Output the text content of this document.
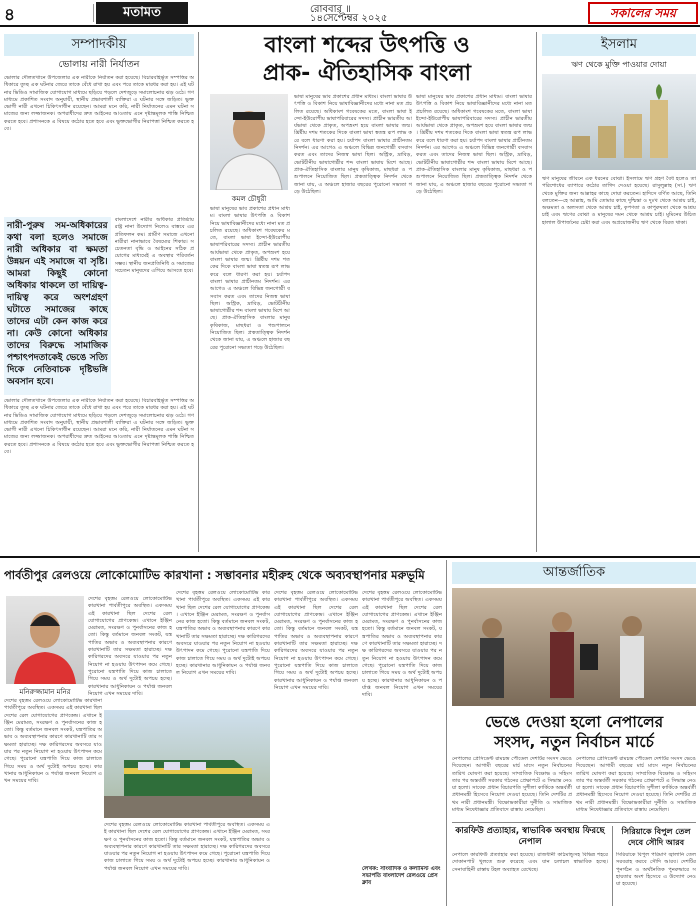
৪	মতামত	রোববার ॥
১৪সেপ্টেম্বর ২০২৫	সকালের সময়
সম্পাদকীয়
ভোলায় নারী নির্যাতন
ভোলার দৌলতখানে উপজেলার এক নারীকে নির্যাতন করা হয়েছে। বিচারবহির্ভূত সম্পত্তির অধিকারে তুচ্ছ এক ঘটনার জেরে তাকে বেঁধে রাখা হয় এবং পরে তাকে মারধর করা হয়। এই ঘটনার ভিডিও সামাজিক যোগাযোগ মাধ্যমে ছড়িয়ে পড়লে দেশজুড়ে সমালোচনার ঝড় ওঠে। গণমাধ্যমে প্রকাশিত সংবাদ অনুযায়ী, স্থানীয় প্রভাবশালী ব্যক্তিরা এ ঘটনার সঙ্গে জড়িত। ভুক্তভোগী নারী এখনো চিকিৎসাধীন রয়েছেন। আমরা মনে করি, নারী নির্যাতনের এমন ঘটনা সমাজের জন্য লজ্জাজনক। অপরাধীদের দ্রুত আইনের আওতায় এনে দৃষ্টান্তমূলক শাস্তি নিশ্চিত করতে হবে। প্রশাসনকে এ বিষয়ে কঠোর হতে হবে এবং ভুক্তভোগীর নিরাপত্তা নিশ্চিত করতে হবে।
নারী-পুরুষ সম-অধিকারের কথা বলা হলেও সমাজে নারী অধিকার বা ক্ষমতা উন্নয়ন এই সমাজে বা সৃষ্টি। আমরা কিছুই কোনো অধিকার থাকলে তা দায়িত্ব-দায়িত্ব করে অংশগ্রহণ ঘটাতে সমাজের কাছে তাদের এটা কেন কাজ করে না। কেউ কোনো অধিকার তাদের বিরুদ্ধে সামাজিক পশ্চাৎপদতাকেই ভেঙে সত্যি দিকে নেতিবাচক দৃষ্টিভঙ্গি অবসান হবে।
বাংলাদেশে নারীর অধিকার প্রতিষ্ঠায় রাষ্ট্র নানা উদ্যোগ নিলেও বাস্তবে এর প্রতিফলন কম। গ্রামীণ সমাজে এখনো নারীরা নানাভাবে বৈষম্যের শিকার। সচেতনতা বৃদ্ধি ও আইনের সঠিক প্রয়োগের মাধ্যমেই এ অবস্থার পরিবর্তন সম্ভব। স্থানীয় জনপ্রতিনিধি ও সমাজের সচেতন মানুষদের এগিয়ে আসতে হবে।
ভোলার দৌলতখানে উপজেলার এক নারীকে নির্যাতন করা হয়েছে। বিচারবহির্ভূত সম্পত্তির অধিকারে তুচ্ছ এক ঘটনার জেরে তাকে বেঁধে রাখা হয় এবং পরে তাকে মারধর করা হয়। এই ঘটনার ভিডিও সামাজিক যোগাযোগ মাধ্যমে ছড়িয়ে পড়লে দেশজুড়ে সমালোচনার ঝড় ওঠে। গণমাধ্যমে প্রকাশিত সংবাদ অনুযায়ী, স্থানীয় প্রভাবশালী ব্যক্তিরা এ ঘটনার সঙ্গে জড়িত। ভুক্তভোগী নারী এখনো চিকিৎসাধীন রয়েছেন। আমরা মনে করি, নারী নির্যাতনের এমন ঘটনা সমাজের জন্য লজ্জাজনক। অপরাধীদের দ্রুত আইনের আওতায় এনে দৃষ্টান্তমূলক শাস্তি নিশ্চিত করতে হবে। প্রশাসনকে এ বিষয়ে কঠোর হতে হবে এবং ভুক্তভোগীর নিরাপত্তা নিশ্চিত করতে হবে।
বাংলা শব্দের উৎপত্তি ও
প্রাক- ঐতিহাসিক বাংলা
কমল চৌধুরী
ভাষা মানুষের ভাব প্রকাশের প্রধান মাধ্যম। বাংলা ভাষার উৎপত্তি ও বিকাশ নিয়ে ভাষাবিজ্ঞানীদের মধ্যে নানা মত প্রচলিত রয়েছে। অধিকাংশ গবেষকের মতে, বাংলা ভাষা ইন্দো-ইউরোপীয় ভাষাপরিবারের সদস্য। প্রাচীন ভারতীয় আর্যভাষা থেকে প্রাকৃত, অপভ্রংশ হয়ে বাংলা ভাষার জন্ম। খ্রিষ্টীয় দশম শতকের দিকে বাংলা ভাষা স্বতন্ত্র রূপ লাভ করে বলে ধারণা করা হয়। চর্যাপদ বাংলা ভাষার প্রাচীনতম নিদর্শন। এর আগেও এ অঞ্চলে বিভিন্ন জনগোষ্ঠী বসবাস করত এবং তাদের নিজস্ব ভাষা ছিল। অস্ট্রিক, দ্রাবিড়, ভোটচীনীয় ভাষাগোষ্ঠীর শব্দ বাংলা ভাষায় মিশে আছে। প্রাক-ঐতিহাসিক বাংলার মানুষ কৃষিকাজ, মাছধরা ও পশুপালনে নিয়োজিত ছিল। প্রত্নতাত্ত্বিক নিদর্শন থেকে জানা যায়, এ অঞ্চলে হাজার বছরের পুরোনো সভ্যতা গড়ে উঠেছিল।
ভাষা মানুষের ভাব প্রকাশের প্রধান মাধ্যম। বাংলা ভাষার উৎপত্তি ও বিকাশ নিয়ে ভাষাবিজ্ঞানীদের মধ্যে নানা মত প্রচলিত রয়েছে। অধিকাংশ গবেষকের মতে, বাংলা ভাষা ইন্দো-ইউরোপীয় ভাষাপরিবারের সদস্য। প্রাচীন ভারতীয় আর্যভাষা থেকে প্রাকৃত, অপভ্রংশ হয়ে বাংলা ভাষার জন্ম। খ্রিষ্টীয় দশম শতকের দিকে বাংলা ভাষা স্বতন্ত্র রূপ লাভ করে বলে ধারণা করা হয়। চর্যাপদ বাংলা ভাষার প্রাচীনতম নিদর্শন। এর আগেও এ অঞ্চলে বিভিন্ন জনগোষ্ঠী বসবাস করত এবং তাদের নিজস্ব ভাষা ছিল। অস্ট্রিক, দ্রাবিড়, ভোটচীনীয় ভাষাগোষ্ঠীর শব্দ বাংলা ভাষায় মিশে আছে। প্রাক-ঐতিহাসিক বাংলার মানুষ কৃষিকাজ, মাছধরা ও পশুপালনে নিয়োজিত ছিল। প্রত্নতাত্ত্বিক নিদর্শন থেকে জানা যায়, এ অঞ্চলে হাজার বছরের পুরোনো সভ্যতা গড়ে উঠেছিল।
ভাষা মানুষের ভাব প্রকাশের প্রধান মাধ্যম। বাংলা ভাষার উৎপত্তি ও বিকাশ নিয়ে ভাষাবিজ্ঞানীদের মধ্যে নানা মত প্রচলিত রয়েছে। অধিকাংশ গবেষকের মতে, বাংলা ভাষা ইন্দো-ইউরোপীয় ভাষাপরিবারের সদস্য। প্রাচীন ভারতীয় আর্যভাষা থেকে প্রাকৃত, অপভ্রংশ হয়ে বাংলা ভাষার জন্ম। খ্রিষ্টীয় দশম শতকের দিকে বাংলা ভাষা স্বতন্ত্র রূপ লাভ করে বলে ধারণা করা হয়। চর্যাপদ বাংলা ভাষার প্রাচীনতম নিদর্শন। এর আগেও এ অঞ্চলে বিভিন্ন জনগোষ্ঠী বসবাস করত এবং তাদের নিজস্ব ভাষা ছিল। অস্ট্রিক, দ্রাবিড়, ভোটচীনীয় ভাষাগোষ্ঠীর শব্দ বাংলা ভাষায় মিশে আছে। প্রাক-ঐতিহাসিক বাংলার মানুষ কৃষিকাজ, মাছধরা ও পশুপালনে নিয়োজিত ছিল। প্রত্নতাত্ত্বিক নিদর্শন থেকে জানা যায়, এ অঞ্চলে হাজার বছরের পুরোনো সভ্যতা গড়ে উঠেছিল।
ইসলাম
ঋণ থেকে মুক্তি পাওয়ার দোয়া
ঋণ মানুষের জীবনে এক ধরনের বোঝা। ইসলামে ঋণ গ্রহণ বৈধ হলেও তা পরিশোধের ব্যাপারে কঠোর তাগিদ দেওয়া হয়েছে। রাসুলুল্লাহ (সা.) ঋণ থেকে মুক্তির জন্য আল্লাহর কাছে দোয়া করতেন। হাদিসে বর্ণিত আছে, তিনি বলতেন—হে আল্লাহ, আমি তোমার কাছে দুশ্চিন্তা ও দুঃখ থেকে আশ্রয় চাই, অক্ষমতা ও অলসতা থেকে আশ্রয় চাই, কৃপণতা ও কাপুরুষতা থেকে আশ্রয় চাই এবং ঋণের বোঝা ও মানুষের দমন থেকে আশ্রয় চাই। মুমিনের উচিত হালাল উপার্জনের চেষ্টা করা এবং অপ্রয়োজনীয় ঋণ থেকে বিরত থাকা।
পার্বতীপুর রেলওয়ে লোকোমোটিভ কারখানা : সম্ভাবনার মহীরুহ থেকে অব্যবস্থাপনার মরুভূমি
মনিরুজ্জামান মনির
দেশের বৃহত্তম রেলওয়ে লোকোমোটিভ কারখানা পার্বতীপুরে অবস্থিত। একসময় এই কারখানা ছিল দেশের রেল যোগাযোগের প্রাণকেন্দ্র। এখানে ইঞ্জিন মেরামত, সংরক্ষণ ও পুনর্বাসনের কাজ হতো। কিন্তু বর্তমানে জনবল সংকট, যন্ত্রপাতির অভাব ও অব্যবস্থাপনার কারণে কারখানাটি তার সক্ষমতা হারাচ্ছে। দক্ষ কারিগরদের অবসরে যাওয়ার পর নতুন নিয়োগ না হওয়ায় উৎপাদন কমে গেছে। পুরোনো যন্ত্রপাতি দিয়ে কাজ চালাতে গিয়ে সময় ও অর্থ দুটোই অপচয় হচ্ছে। কারখানার আধুনিকায়ন ও পর্যাপ্ত জনবল নিয়োগ এখন সময়ের দাবি।
দেশের বৃহত্তম রেলওয়ে লোকোমোটিভ কারখানা পার্বতীপুরে অবস্থিত। একসময় এই কারখানা ছিল দেশের রেল যোগাযোগের প্রাণকেন্দ্র। এখানে ইঞ্জিন মেরামত, সংরক্ষণ ও পুনর্বাসনের কাজ হতো। কিন্তু বর্তমানে জনবল সংকট, যন্ত্রপাতির অভাব ও অব্যবস্থাপনার কারণে কারখানাটি তার সক্ষমতা হারাচ্ছে। দক্ষ কারিগরদের অবসরে যাওয়ার পর নতুন নিয়োগ না হওয়ায় উৎপাদন কমে গেছে। পুরোনো যন্ত্রপাতি দিয়ে কাজ চালাতে গিয়ে সময় ও অর্থ দুটোই অপচয় হচ্ছে। কারখানার আধুনিকায়ন ও পর্যাপ্ত জনবল নিয়োগ এখন সময়ের দাবি।
দেশের বৃহত্তম রেলওয়ে লোকোমোটিভ কারখানা পার্বতীপুরে অবস্থিত। একসময় এই কারখানা ছিল দেশের রেল যোগাযোগের প্রাণকেন্দ্র। এখানে ইঞ্জিন মেরামত, সংরক্ষণ ও পুনর্বাসনের কাজ হতো। কিন্তু বর্তমানে জনবল সংকট, যন্ত্রপাতির অভাব ও অব্যবস্থাপনার কারণে কারখানাটি তার সক্ষমতা হারাচ্ছে। দক্ষ কারিগরদের অবসরে যাওয়ার পর নতুন নিয়োগ না হওয়ায় উৎপাদন কমে গেছে। পুরোনো যন্ত্রপাতি দিয়ে কাজ চালাতে গিয়ে সময় ও অর্থ দুটোই অপচয় হচ্ছে। কারখানার আধুনিকায়ন ও পর্যাপ্ত জনবল নিয়োগ এখন সময়ের দাবি।
দেশের বৃহত্তম রেলওয়ে লোকোমোটিভ কারখানা পার্বতীপুরে অবস্থিত। একসময় এই কারখানা ছিল দেশের রেল যোগাযোগের প্রাণকেন্দ্র। এখানে ইঞ্জিন মেরামত, সংরক্ষণ ও পুনর্বাসনের কাজ হতো। কিন্তু বর্তমানে জনবল সংকট, যন্ত্রপাতির অভাব ও অব্যবস্থাপনার কারণে কারখানাটি তার সক্ষমতা হারাচ্ছে। দক্ষ কারিগরদের অবসরে যাওয়ার পর নতুন নিয়োগ না হওয়ায় উৎপাদন কমে গেছে। পুরোনো যন্ত্রপাতি দিয়ে কাজ চালাতে গিয়ে সময় ও অর্থ দুটোই অপচয় হচ্ছে। কারখানার আধুনিকায়ন ও পর্যাপ্ত জনবল নিয়োগ এখন সময়ের দাবি।
দেশের বৃহত্তম রেলওয়ে লোকোমোটিভ কারখানা পার্বতীপুরে অবস্থিত। একসময় এই কারখানা ছিল দেশের রেল যোগাযোগের প্রাণকেন্দ্র। এখানে ইঞ্জিন মেরামত, সংরক্ষণ ও পুনর্বাসনের কাজ হতো। কিন্তু বর্তমানে জনবল সংকট, যন্ত্রপাতির অভাব ও অব্যবস্থাপনার কারণে কারখানাটি তার সক্ষমতা হারাচ্ছে। দক্ষ কারিগরদের অবসরে যাওয়ার পর নতুন নিয়োগ না হওয়ায় উৎপাদন কমে গেছে। পুরোনো যন্ত্রপাতি দিয়ে কাজ চালাতে গিয়ে সময় ও অর্থ দুটোই অপচয় হচ্ছে। কারখানার আধুনিকায়ন ও পর্যাপ্ত জনবল নিয়োগ এখন সময়ের দাবি।
দেশের বৃহত্তম রেলওয়ে লোকোমোটিভ কারখানা পার্বতীপুরে অবস্থিত। একসময় এই কারখানা ছিল দেশের রেল যোগাযোগের প্রাণকেন্দ্র। এখানে ইঞ্জিন মেরামত, সংরক্ষণ ও পুনর্বাসনের কাজ হতো। কিন্তু বর্তমানে জনবল সংকট, যন্ত্রপাতির অভাব ও অব্যবস্থাপনার কারণে কারখানাটি তার সক্ষমতা হারাচ্ছে। দক্ষ কারিগরদের অবসরে যাওয়ার পর নতুন নিয়োগ না হওয়ায় উৎপাদন কমে গেছে। পুরোনো যন্ত্রপাতি দিয়ে কাজ চালাতে গিয়ে সময় ও অর্থ দুটোই অপচয় হচ্ছে। কারখানার আধুনিকায়ন ও পর্যাপ্ত জনবল নিয়োগ এখন সময়ের দাবি।
লেখক: সাংবাদিক ও কলামিস্ট এবং সভাপতি বাংলাদেশ রেলওয়ে প্রেস ক্লাব
আন্তর্জাতিক
ভেঙে দেওয়া হলো নেপালের
সংসদ, নতুন নির্বাচন মার্চে
নেপালের প্রেসিডেন্ট রামচন্দ্র পৌডেল দেশটির সংসদ ভেঙে দিয়েছেন। আগামী বছরের মার্চ মাসে নতুন নির্বাচনের তারিখ ঘোষণা করা হয়েছে। সাম্প্রতিক বিক্ষোভ ও সহিংসতার পর অন্তর্বর্তী সরকার গঠনের প্রেক্ষাপটে এ সিদ্ধান্ত নেওয়া হলো। সাবেক প্রধান বিচারপতি সুশীলা কার্কিকে অন্তর্বর্তী প্রধানমন্ত্রী হিসেবে নিয়োগ দেওয়া হয়েছে। তিনি দেশটির প্রথম নারী প্রধানমন্ত্রী। বিক্ষোভকারীরা দুর্নীতি ও সামাজিক মাধ্যম নিষেধাজ্ঞার প্রতিবাদে রাস্তায় নেমেছিল।
নেপালের প্রেসিডেন্ট রামচন্দ্র পৌডেল দেশটির সংসদ ভেঙে দিয়েছেন। আগামী বছরের মার্চ মাসে নতুন নির্বাচনের তারিখ ঘোষণা করা হয়েছে। সাম্প্রতিক বিক্ষোভ ও সহিংসতার পর অন্তর্বর্তী সরকার গঠনের প্রেক্ষাপটে এ সিদ্ধান্ত নেওয়া হলো। সাবেক প্রধান বিচারপতি সুশীলা কার্কিকে অন্তর্বর্তী প্রধানমন্ত্রী হিসেবে নিয়োগ দেওয়া হয়েছে। তিনি দেশটির প্রথম নারী প্রধানমন্ত্রী। বিক্ষোভকারীরা দুর্নীতি ও সামাজিক মাধ্যম নিষেধাজ্ঞার প্রতিবাদে রাস্তায় নেমেছিল।
কারফিউ প্রত্যাহার, স্বাভাবিক অবস্থায় ফিরছে নেপাল
নেপালে কারফিউ প্রত্যাহার করা হয়েছে। রাজধানী কাঠমান্ডুসহ বিভিন্ন শহরে দোকানপাট খুলতে শুরু করেছে এবং যান চলাচল স্বাভাবিক হচ্ছে। সেনাবাহিনী রাস্তায় টহল অব্যাহত রেখেছে।
সিরিয়াকে বিপুল তেল দেবে সৌদি আরব
সিরিয়াকে বিপুল পরিমাণ জ্বালানি তেল সরবরাহ করবে সৌদি আরব। দেশটির পুনর্গঠন ও অর্থনৈতিক পুনরুদ্ধারে সহায়তার অংশ হিসেবে এ উদ্যোগ নেওয়া হয়েছে।
